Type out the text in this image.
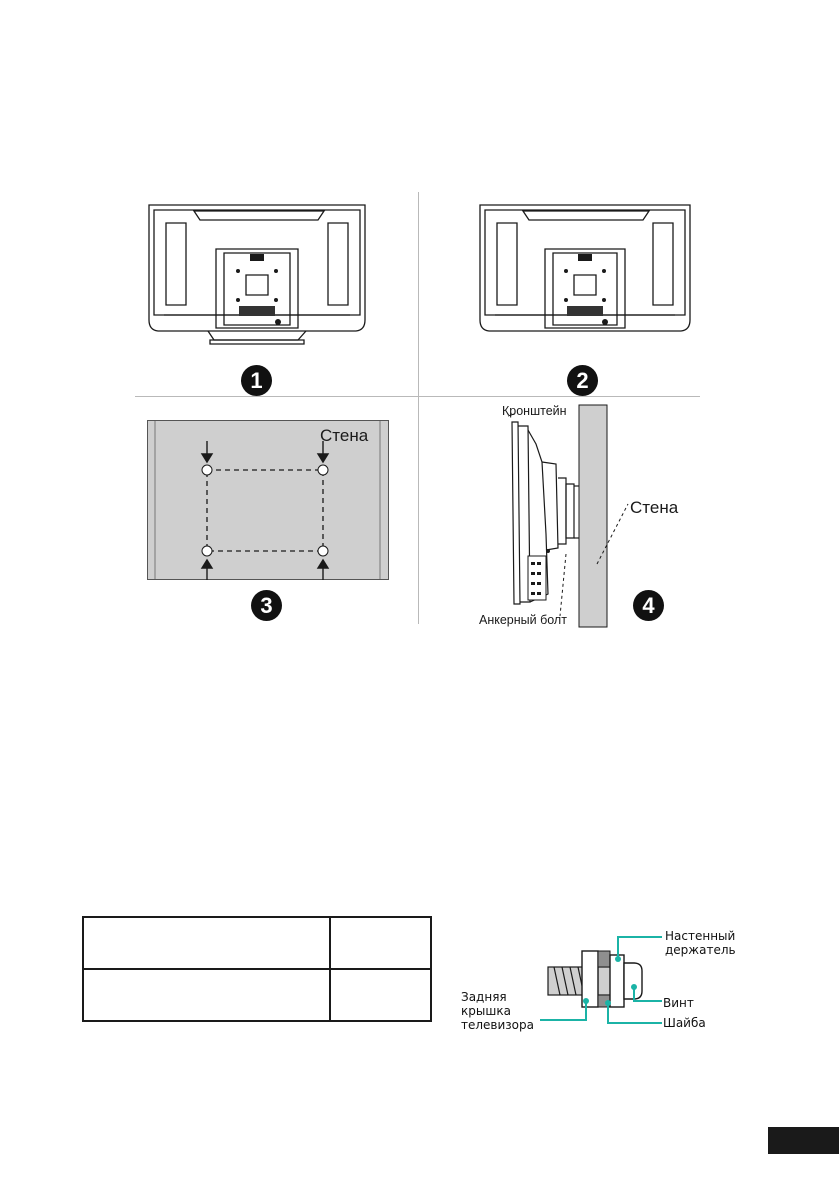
1	2
Стена
3
Кронштейн
Стена
Анкерный болт
4

Настенный
держатель
Винт
Шайба
Задняя
крышка
телевизора
